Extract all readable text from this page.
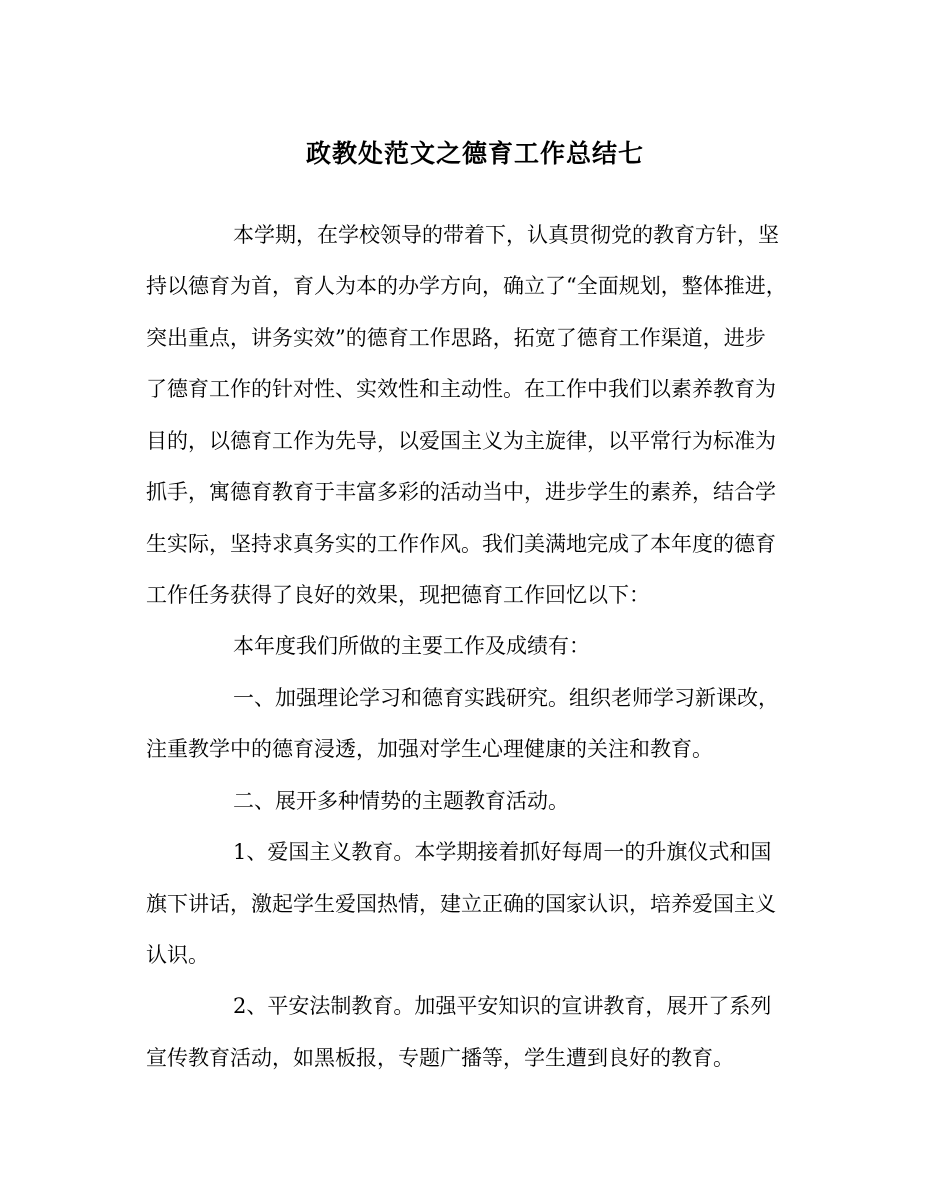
政教处范文之德育工作总结七
本学期，在学校领导的带着下，认真贯彻党的教育方针，坚
持以德育为首，育人为本的办学方向，确立了“全面规划，整体推进，
突出重点，讲务实效”的德育工作思路，拓宽了德育工作渠道，进步
了德育工作的针对性、实效性和主动性。在工作中我们以素养教育为
目的，以德育工作为先导，以爱国主义为主旋律，以平常行为标准为
抓手，寓德育教育于丰富多彩的活动当中，进步学生的素养，结合学
生实际，坚持求真务实的工作作风。我们美满地完成了本年度的德育
工作任务获得了良好的效果，现把德育工作回忆以下：
本年度我们所做的主要工作及成绩有：
一、加强理论学习和德育实践研究。组织老师学习新课改，
注重教学中的德育浸透，加强对学生心理健康的关注和教育。
二、展开多种情势的主题教育活动。
1、爱国主义教育。本学期接着抓好每周一的升旗仪式和国
旗下讲话，激起学生爱国热情，建立正确的国家认识，培养爱国主义
认识。
2、平安法制教育。加强平安知识的宣讲教育，展开了系列
宣传教育活动，如黑板报，专题广播等，学生遭到良好的教育。
